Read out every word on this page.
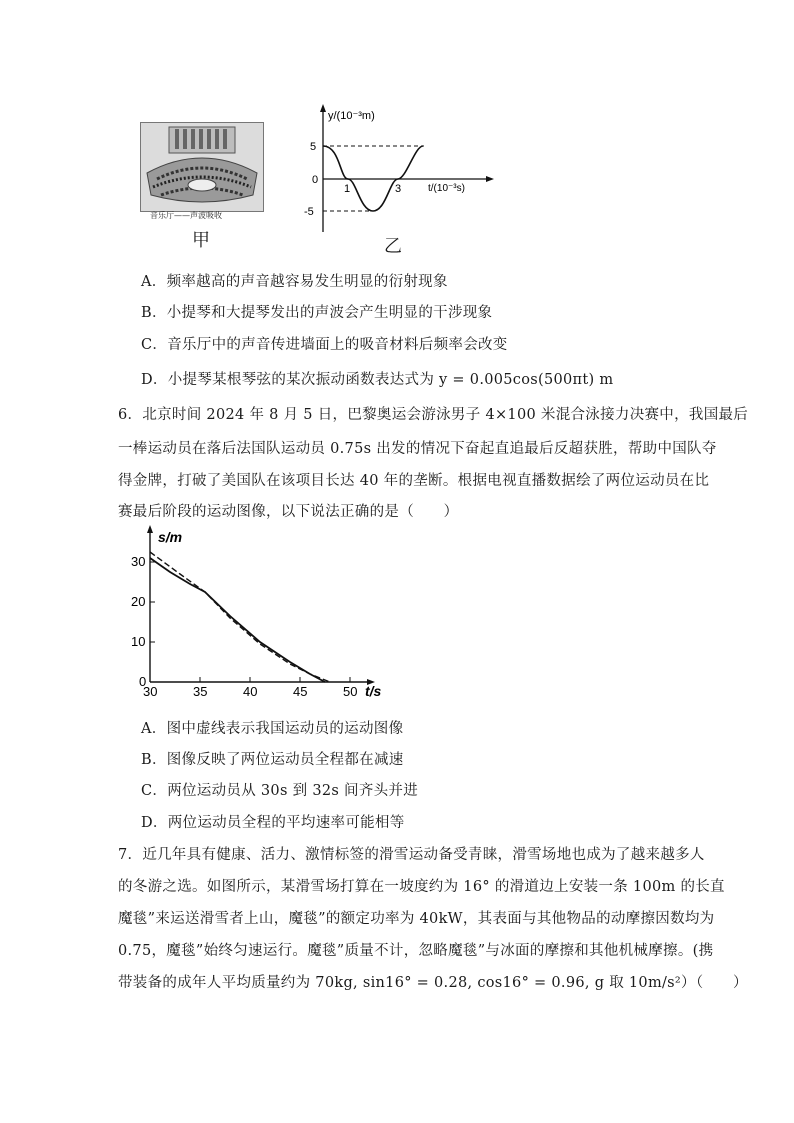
音乐厅——声波吸收
甲
y/(10⁻³m)
t/(10⁻³s)
5
0
-5
1	3
乙
A．频率越高的声音越容易发生明显的衍射现象
B．小提琴和大提琴发出的声波会产生明显的干涉现象
C．音乐厅中的声音传进墙面上的吸音材料后频率会改变
D．小提琴某根琴弦的某次振动函数表达式为 y = 0.005cos(500πt) m
6．北京时间 2024 年 8 月 5 日，巴黎奥运会游泳男子 4×100 米混合泳接力决赛中，我国最后
一棒运动员在落后法国队运动员 0.75s 出发的情况下奋起直追最后反超获胜，帮助中国队夺
得金牌，打破了美国队在该项目长达 40 年的垄断。根据电视直播数据绘了两位运动员在比
赛最后阶段的运动图像，以下说法正确的是（　　）
s/m
t/s
30	35	40	45	50
0
10
20
30
A．图中虚线表示我国运动员的运动图像
B．图像反映了两位运动员全程都在减速
C．两位运动员从 30s 到 32s 间齐头并进
D．两位运动员全程的平均速率可能相等
7．近几年具有健康、活力、激情标签的滑雪运动备受青睐，滑雪场地也成为了越来越多人
的冬游之选。如图所示，某滑雪场打算在一坡度约为 16° 的滑道边上安装一条 100m 的长直
魔毯”来运送滑雪者上山，魔毯”的额定功率为 40kW，其表面与其他物品的动摩擦因数均为
0.75，魔毯”始终匀速运行。魔毯”质量不计，忽略魔毯”与冰面的摩擦和其他机械摩擦。(携
带装备的成年人平均质量约为 70kg, sin16° = 0.28, cos16° = 0.96, g 取 10m/s²）（　　）
